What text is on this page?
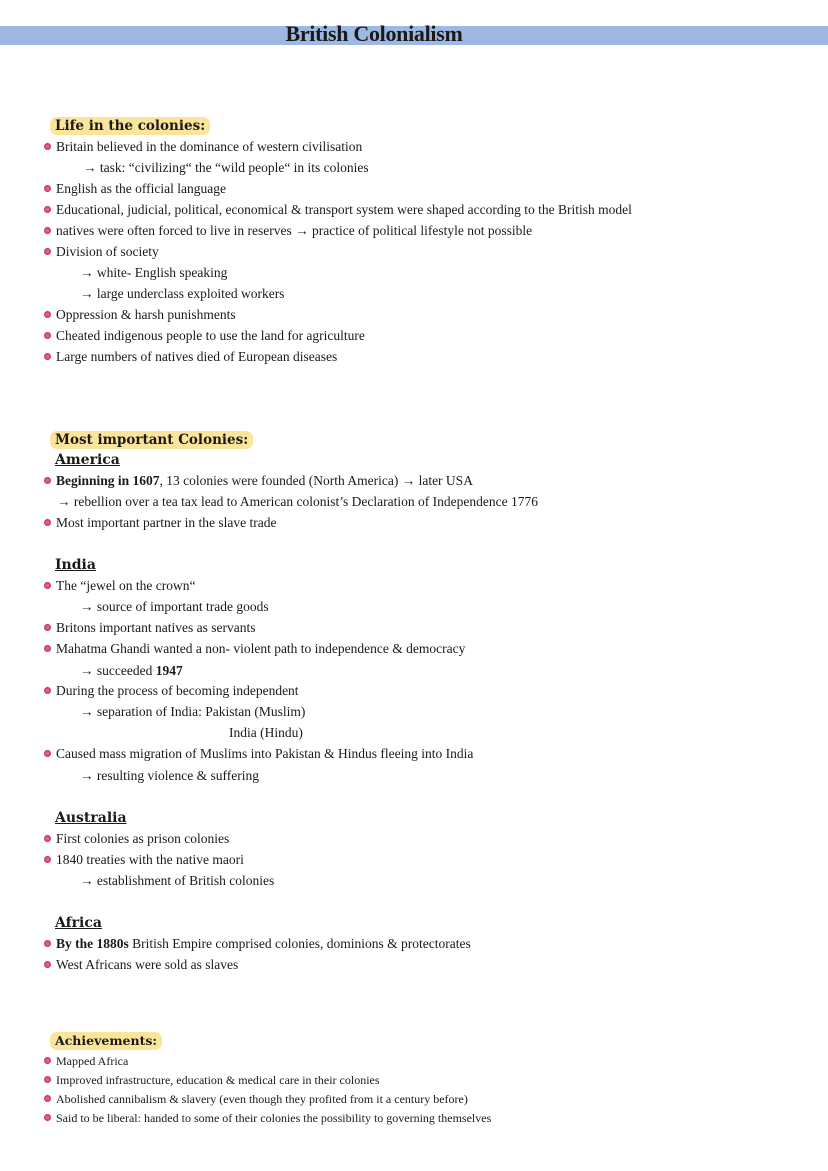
British Colonialism
Life in the colonies:
Britain believed in the dominance of western civilisation
→ task: “civilizing“ the “wild people“ in its colonies
English as the official language
Educational, judicial, political, economical & transport system were shaped according to the British model
natives were often forced to live in reserves → practice of political lifestyle not possible
Division of society
→ white- English speaking
→ large underclass exploited workers
Oppression & harsh punishments
Cheated indigenous people to use the land for agriculture
Large numbers of natives died of European diseases
Most important Colonies:
America
Beginning in 1607, 13 colonies were founded (North America) → later USA
→ rebellion over a tea tax lead to American colonist’s Declaration of Independence 1776
Most important partner in the slave trade
India
The “jewel on the crown“
→ source of important trade goods
Britons important natives as servants
Mahatma Ghandi wanted a non- violent path to independence & democracy
→ succeeded 1947
During the process of becoming independent
→ separation of India: Pakistan (Muslim)
India (Hindu)
Caused mass migration of Muslims into Pakistan & Hindus fleeing into India
→ resulting violence & suffering
Australia
First colonies as prison colonies
1840 treaties with the native maori
→ establishment of British colonies
Africa
By the 1880s British Empire comprised colonies, dominions & protectorates
West Africans were sold as slaves
Achievements:
Mapped Africa
Improved infrastructure, education & medical care in their colonies
Abolished cannibalism & slavery (even though they profited from it a century before)
Said to be liberal: handed to some of their colonies the possibility to governing themselves
